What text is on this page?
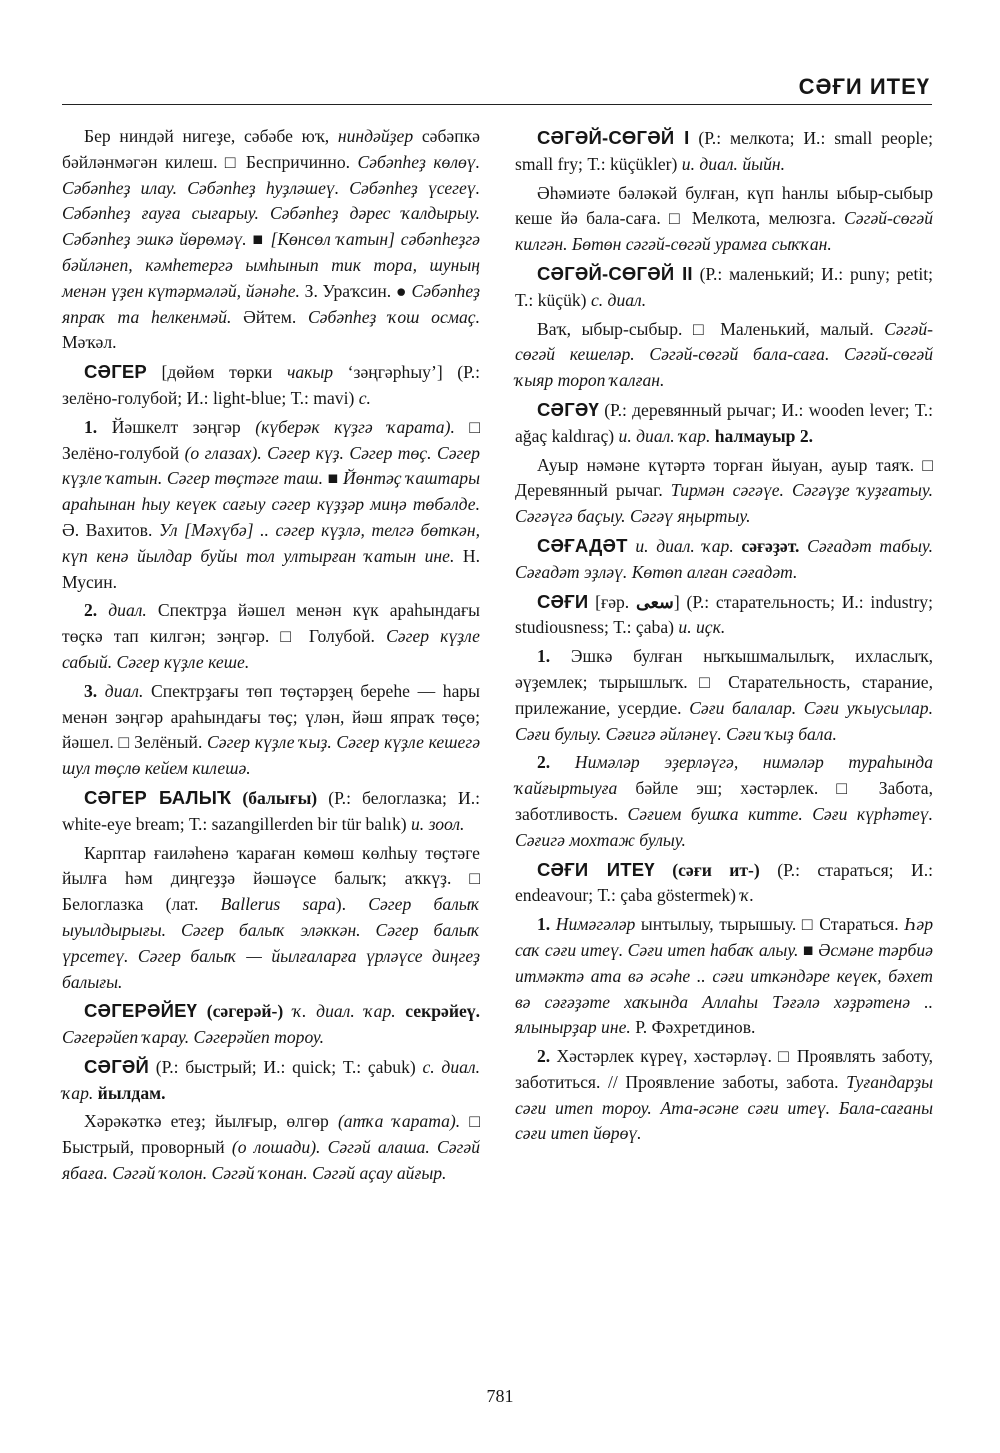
СӘҒИ ИТЕҮ

Бер ниндәй нигеҙе, сәбәбе юҡ, ниндәйҙер сәбәпкә бәйләнмәгән килеш. □ Беспричинно. Сәбәпһеҙ көлөү. Сәбәпһеҙ илау. Сәбәпһеҙ һуҙләшеү. Сәбәпһеҙ үсегеү. Сәбәпһеҙ ғауға сығарыу. Сәбәпһеҙ дәрес ҡалдырыу. Сәбәпһеҙ эшкә йөрөмәү. ■ [Көнсөл ҡатын] сәбәпһеҙгә бәйләнеп, кәмһетергә ымһынып тик тора, шуның менән үҙен күтәрмәләй, йәнәһе. З. Ураҡсин. ● Сәбәпһеҙ япраҡ та һелкенмәй. Әйтем. Сәбәпһеҙ ҡош осмаҫ. Мәҡәл.

СӘГЕР [дөйөм төрки чакыр ‘зәңгәрһыу’] (Р.: зелёно-голубой; И.: light-blue; Т.: mavi) с.

1. Йәшкелт зәңгәр (күберәк күҙгә ҡарата). □ Зелёно-голубой (о глазах). Сәгер күҙ. Сәгер төҫ. Сәгер күҙле ҡатын. Сәгер төҫтәге таш. ■ Йөнтәҫ ҡаштары араһынан һыу кеүек сағыу сәгер күҙҙәр миңә төбәлде. Ә. Вахитов. Ул [Мәхүбә] .. сәгер күҙлә, телгә бөткән, күп кенә йылдар буйы тол ултырған ҡатын ине. Н. Мусин.

2. диал. Спектрҙа йәшел менән күк араһындағы төҫкә тап килгән; зәңгәр. □ Голубой. Сәгер күҙле сабый. Сәгер күҙле кеше.

3. диал. Спектрҙағы төп төҫтәрҙең береһе — һары менән зәңгәр араһындағы төҫ; үлән, йәш япраҡ төҫө; йәшел. □ Зелёный. Сәгер күҙле ҡыҙ. Сәгер күҙле кешегә шул төҫлө кейем килешә.

СӘГЕР БАЛЫҠ (балығы) (Р.: белоглазка; И.: white-eye bream; Т.: sazangillerden bir tür balık) и. зоол.

Карптар ғаиләһенә ҡараған көмөш көлһыу төҫтәге йылға һәм диңгеҙҙә йәшәүсе балыҡ; аҡкүҙ. □ Белоглазка (лат. Ballerus sapa). Сәгер балыҡ ыуылдырығы. Сәгер балыҡ эләккән. Сәгер балыҡ үрсетеү. Сәгер балыҡ — йылғаларға үрләүсе диңгеҙ балығы.

СӘГЕРӘЙЕҮ (сәгерәй-) ҡ. диал. ҡар. секрәйеү. Сәгерәйеп ҡарау. Сәгерәйеп тороу.

СӘГӘЙ (Р.: быстрый; И.: quick; Т.: çabuk) с. диал. ҡар. йылдам.

Хәрәкәткә етеҙ; йылғыр, өлгөр (атҡа ҡарата). □ Быстрый, проворный (о лошади). Сәгәй алаша. Сәгәй ябаға. Сәгәй ҡолон. Сәгәй ҡонан. Сәгәй аҫау айғыр.

СӘГӘЙ-СӨГӘЙ I (Р.: мелкота; И.: small people; small fry; Т.: küçükler) и. диал. йыйн.

Әһәмиәте бәләкәй булған, күп һанлы ыбыр-сыбыр кеше йә бала-саға. □ Мелкота, мелюзга. Сәгәй-сөгәй килгән. Бөтөн сәгәй-сөгәй урамға сыҡҡан.

СӘГӘЙ-СӨГӘЙ II (Р.: маленький; И.: puny; petit; Т.: küçük) с. диал.

Ваҡ, ыбыр-сыбыр. □ Маленький, малый. Сәгәй-сөгәй кешеләр. Сәгәй-сөгәй бала-саға. Сәгәй-сөгәй ҡыяр тороп ҡалған.

СӘГӘҮ (Р.: деревянный рычаг; И.: wooden lever; Т.: ağaç kaldıraç) и. диал. ҡар. һалмауыр 2.

Ауыр нәмәне күтәртә торған йыуан, ауыр таяҡ. □ Деревянный рычаг. Тирмән сәгәүе. Сәгәүҙе ҡуҙғатыу. Сәгәүгә баҫыу. Сәгәү яңыртыу.

СӘҒАДӘТ и. диал. ҡар. сәғәҙәт. Сәғадәт табыу. Сәғадәт эҙләү. Көтөп алған сәғадәт.

СӘҒИ [ғәр. سعى] (Р.: старательность; И.: industry; studiousness; Т.: çaba) и. иҫк.

1. Эшкә булған ныҡышмалылыҡ, ихласлыҡ, әүҙемлек; тырышлыҡ. □ Старательность, старание, прилежание, усердие. Сәғи балалар. Сәғи уҡыусылар. Сәғи булыу. Сәғигә әйләнеү. Сәғи ҡыҙ бала.

2. Нимәләр эҙерләүгә, нимәләр тураһында ҡайғыртыуға бәйле эш; хәстәрлек. □ Забота, заботливость. Сәғием бушҡа китте. Сәғи күрһәтеү. Сәғигә мохтаж булыу.

СӘҒИ ИТЕҮ (сәғи ит-) (Р.: стараться; И.: endeavour; Т.: çaba göstermek) ҡ.

1. Нимәгәләр ынтылыу, тырышыу. □ Стараться. Һәр саҡ сәғи итеү. Сәғи итеп һабаҡ алыу. ■ Әсмәне тәрбиә итмәктә ата вә әсәһе .. сәғи иткәндәре кеүек, бәхет вә сәғәҙәте хаҡында Аллаһы Тәғәлә хәҙрәтенә .. ялынырҙар ине. Р. Фәхретдинов.

2. Хәстәрлек күреү, хәстәрләү. □ Проявлять заботу, заботиться. // Проявление заботы, забота. Туғандарҙы сәғи итеп тороу. Ата-әсәне сәғи итеү. Бала-сағаны сәғи итеп йөрөү.

781
